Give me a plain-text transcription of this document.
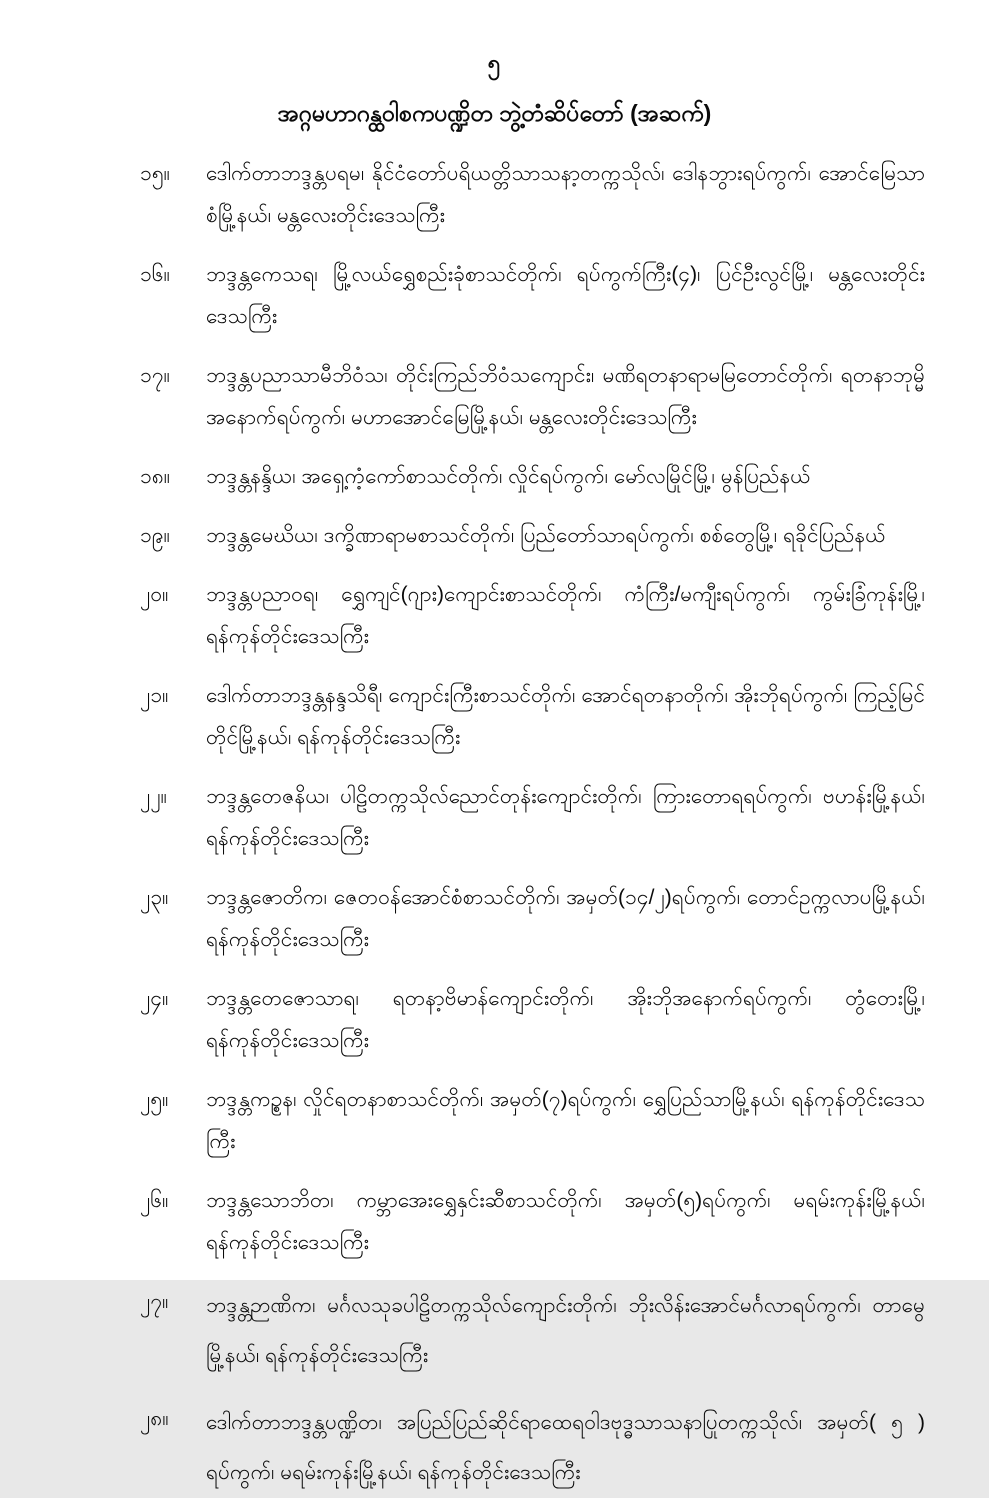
၅
အဂ္ဂမဟာဂန္ထဝါစကပဏ္ဍိတ ဘွဲ့တံဆိပ်တော် (အဆက်)
၁၅။	ဒေါက်တာဘဒ္ဒန္တပရမ၊ နိုင်ငံတော်ပရိယတ္တိသာသနာ့တက္ကသိုလ်၊ ဒေါနဘွားရပ်ကွက်၊ အောင်မြေသာစံမြို့နယ်၊ မန္တလေးတိုင်းဒေသကြီး
၁၆။	ဘဒ္ဒန္တကေသရ၊ မြို့လယ်ရွှေစည်းခုံစာသင်တိုက်၊ ရပ်ကွက်ကြီး(၄)၊ ပြင်ဦးလွင်မြို့၊ မန္တလေးတိုင်းဒေသကြီး
၁၇။	ဘဒ္ဒန္တပညာသာမီဘိဝံသ၊ တိုင်းကြည်ဘိဝံသကျောင်း၊ မဏိရတနာရာမမြတောင်တိုက်၊ ရတနာဘုမ္မိအနောက်ရပ်ကွက်၊ မဟာအောင်မြေမြို့နယ်၊ မန္တလေးတိုင်းဒေသကြီး
၁၈။	ဘဒ္ဒန္တနန္ဒိယ၊ အရှေ့ကံ့ကော်စာသင်တိုက်၊ လှိုင်ရပ်ကွက်၊ မော်လမြိုင်မြို့၊ မွန်ပြည်နယ်
၁၉။	ဘဒ္ဒန္တမေဃိယ၊ ဒက္ခိဏာရာမစာသင်တိုက်၊ ပြည်တော်သာရပ်ကွက်၊ စစ်တွေမြို့၊ ရခိုင်ပြည်နယ်
၂၀။	ဘဒ္ဒန္တပညာဝရ၊ ရွှေကျင်(ဂျား)ကျောင်းစာသင်တိုက်၊ ကံကြီး/မကျီးရပ်ကွက်၊ ကွမ်းခြံကုန်းမြို့၊ ရန်ကုန်တိုင်းဒေသကြီး
၂၁။	ဒေါက်တာဘဒ္ဒန္တနန္ဒသိရီ၊ ကျောင်းကြီးစာသင်တိုက်၊ အောင်ရတနာတိုက်၊ အိုးဘိုရပ်ကွက်၊ ကြည့်မြင်တိုင်မြို့နယ်၊ ရန်ကုန်တိုင်းဒေသကြီး
၂၂။	ဘဒ္ဒန္တတေဇနိယ၊ ပါဠိတက္ကသိုလ်ညောင်တုန်းကျောင်းတိုက်၊ ကြားတောရရပ်ကွက်၊ ဗဟန်းမြို့နယ်၊ ရန်ကုန်တိုင်းဒေသကြီး
၂၃။	ဘဒ္ဒန္တဇောတိက၊ ဇေတဝန်အောင်စံစာသင်တိုက်၊ အမှတ်(၁၄/၂)ရပ်ကွက်၊ တောင်ဥက္ကလာပမြို့နယ်၊ ရန်ကုန်တိုင်းဒေသကြီး
၂၄။	ဘဒ္ဒန္တတေဇောသာရ၊ ရတနာ့ဗိမာန်ကျောင်းတိုက်၊ အိုးဘိုအနောက်ရပ်ကွက်၊ တွံတေးမြို့၊ ရန်ကုန်တိုင်းဒေသကြီး
၂၅။	ဘဒ္ဒန္တကဉ္စန၊ လှိုင်ရတနာစာသင်တိုက်၊ အမှတ်(၇)ရပ်ကွက်၊ ရွှေပြည်သာမြို့နယ်၊ ရန်ကုန်တိုင်းဒေသကြီး
၂၆။	ဘဒ္ဒန္တသောဘိတ၊ ကမ္ဘာအေးရွှေနှင်းဆီစာသင်တိုက်၊ အမှတ်(၅)ရပ်ကွက်၊ မရမ်းကုန်းမြို့နယ်၊ ရန်ကုန်တိုင်းဒေသကြီး
၂၇။	ဘဒ္ဒန္တဉာဏိက၊ မင်္ဂလသုခပါဠိတက္ကသိုလ်ကျောင်းတိုက်၊ ဘိုးလိန်းအောင်မင်္ဂလာရပ်ကွက်၊ တာမွေမြို့နယ်၊ ရန်ကုန်တိုင်းဒေသကြီး
၂၈။	ဒေါက်တာဘဒ္ဒန္တပဏ္ဍိတ၊ အပြည်ပြည်ဆိုင်ရာထေရဝါဒဗုဒ္ဓသာသနာပြုတက္ကသိုလ်၊ အမှတ်( ၅ ) ရပ်ကွက်၊ မရမ်းကုန်းမြို့နယ်၊ ရန်ကုန်တိုင်းဒေသကြီး
